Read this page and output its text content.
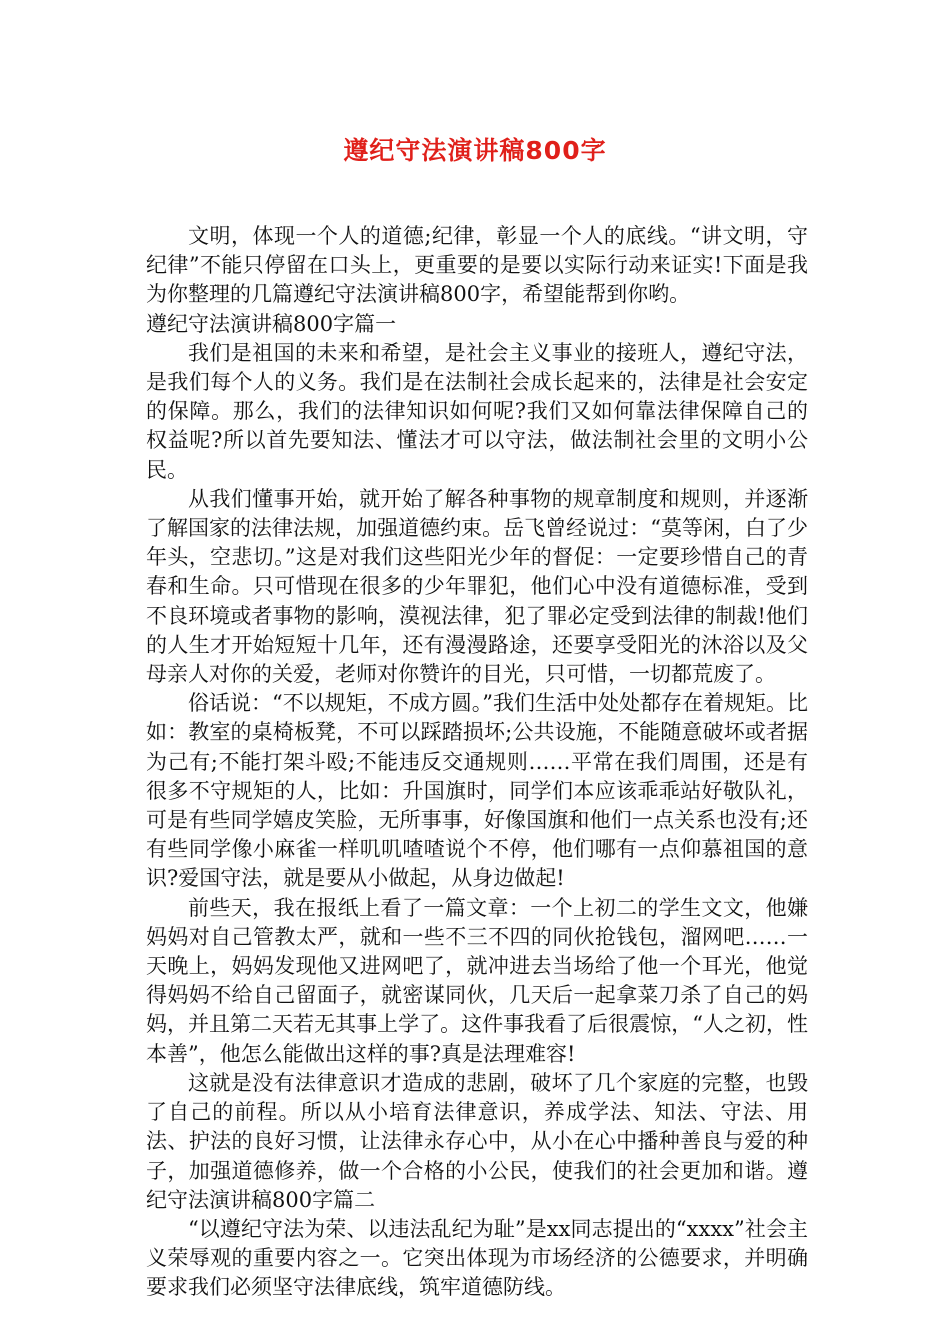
遵纪守法演讲稿800字

文明，体现一个人的道德;纪律，彰显一个人的底线。“讲文明，守纪律”不能只停留在口头上，更重要的是要以实际行动来证实!下面是我为你整理的几篇遵纪守法演讲稿800字，希望能帮到你哟。

遵纪守法演讲稿800字篇一

我们是祖国的未来和希望，是社会主义事业的接班人，遵纪守法，是我们每个人的义务。我们是在法制社会成长起来的，法律是社会安定的保障。那么，我们的法律知识如何呢?我们又如何靠法律保障自己的权益呢?所以首先要知法、懂法才可以守法，做法制社会里的文明小公民。

从我们懂事开始，就开始了解各种事物的规章制度和规则，并逐渐了解国家的法律法规，加强道德约束。岳飞曾经说过：“莫等闲，白了少年头，空悲切。”这是对我们这些阳光少年的督促：一定要珍惜自己的青春和生命。只可惜现在很多的少年罪犯，他们心中没有道德标准，受到不良环境或者事物的影响，漠视法律，犯了罪必定受到法律的制裁!他们的人生才开始短短十几年，还有漫漫路途，还要享受阳光的沐浴以及父母亲人对你的关爱，老师对你赞许的目光，只可惜，一切都荒废了。

俗话说：“不以规矩，不成方圆。”我们生活中处处都存在着规矩。比如：教室的桌椅板凳，不可以踩踏损坏;公共设施，不能随意破坏或者据为己有;不能打架斗殴;不能违反交通规则……平常在我们周围，还是有很多不守规矩的人，比如：升国旗时，同学们本应该乖乖站好敬队礼，可是有些同学嬉皮笑脸，无所事事，好像国旗和他们一点关系也没有;还有些同学像小麻雀一样叽叽喳喳说个不停，他们哪有一点仰慕祖国的意识?爱国守法，就是要从小做起，从身边做起!

前些天，我在报纸上看了一篇文章：一个上初二的学生文文，他嫌妈妈对自己管教太严，就和一些不三不四的同伙抢钱包，溜网吧……一天晚上，妈妈发现他又进网吧了，就冲进去当场给了他一个耳光，他觉得妈妈不给自己留面子，就密谋同伙，几天后一起拿菜刀杀了自己的妈妈，并且第二天若无其事上学了。这件事我看了后很震惊，“人之初，性本善”，他怎么能做出这样的事?真是法理难容!

这就是没有法律意识才造成的悲剧，破坏了几个家庭的完整，也毁了自己的前程。所以从小培育法律意识，养成学法、知法、守法、用法、护法的良好习惯，让法律永存心中，从小在心中播种善良与爱的种子，加强道德修养，做一个合格的小公民，使我们的社会更加和谐。遵纪守法演讲稿800字篇二

“以遵纪守法为荣、以违法乱纪为耻”是xx同志提出的“xxxx”社会主义荣辱观的重要内容之一。它突出体现为市场经济的公德要求，并明确要求我们必须坚守法律底线，筑牢道德防线。
